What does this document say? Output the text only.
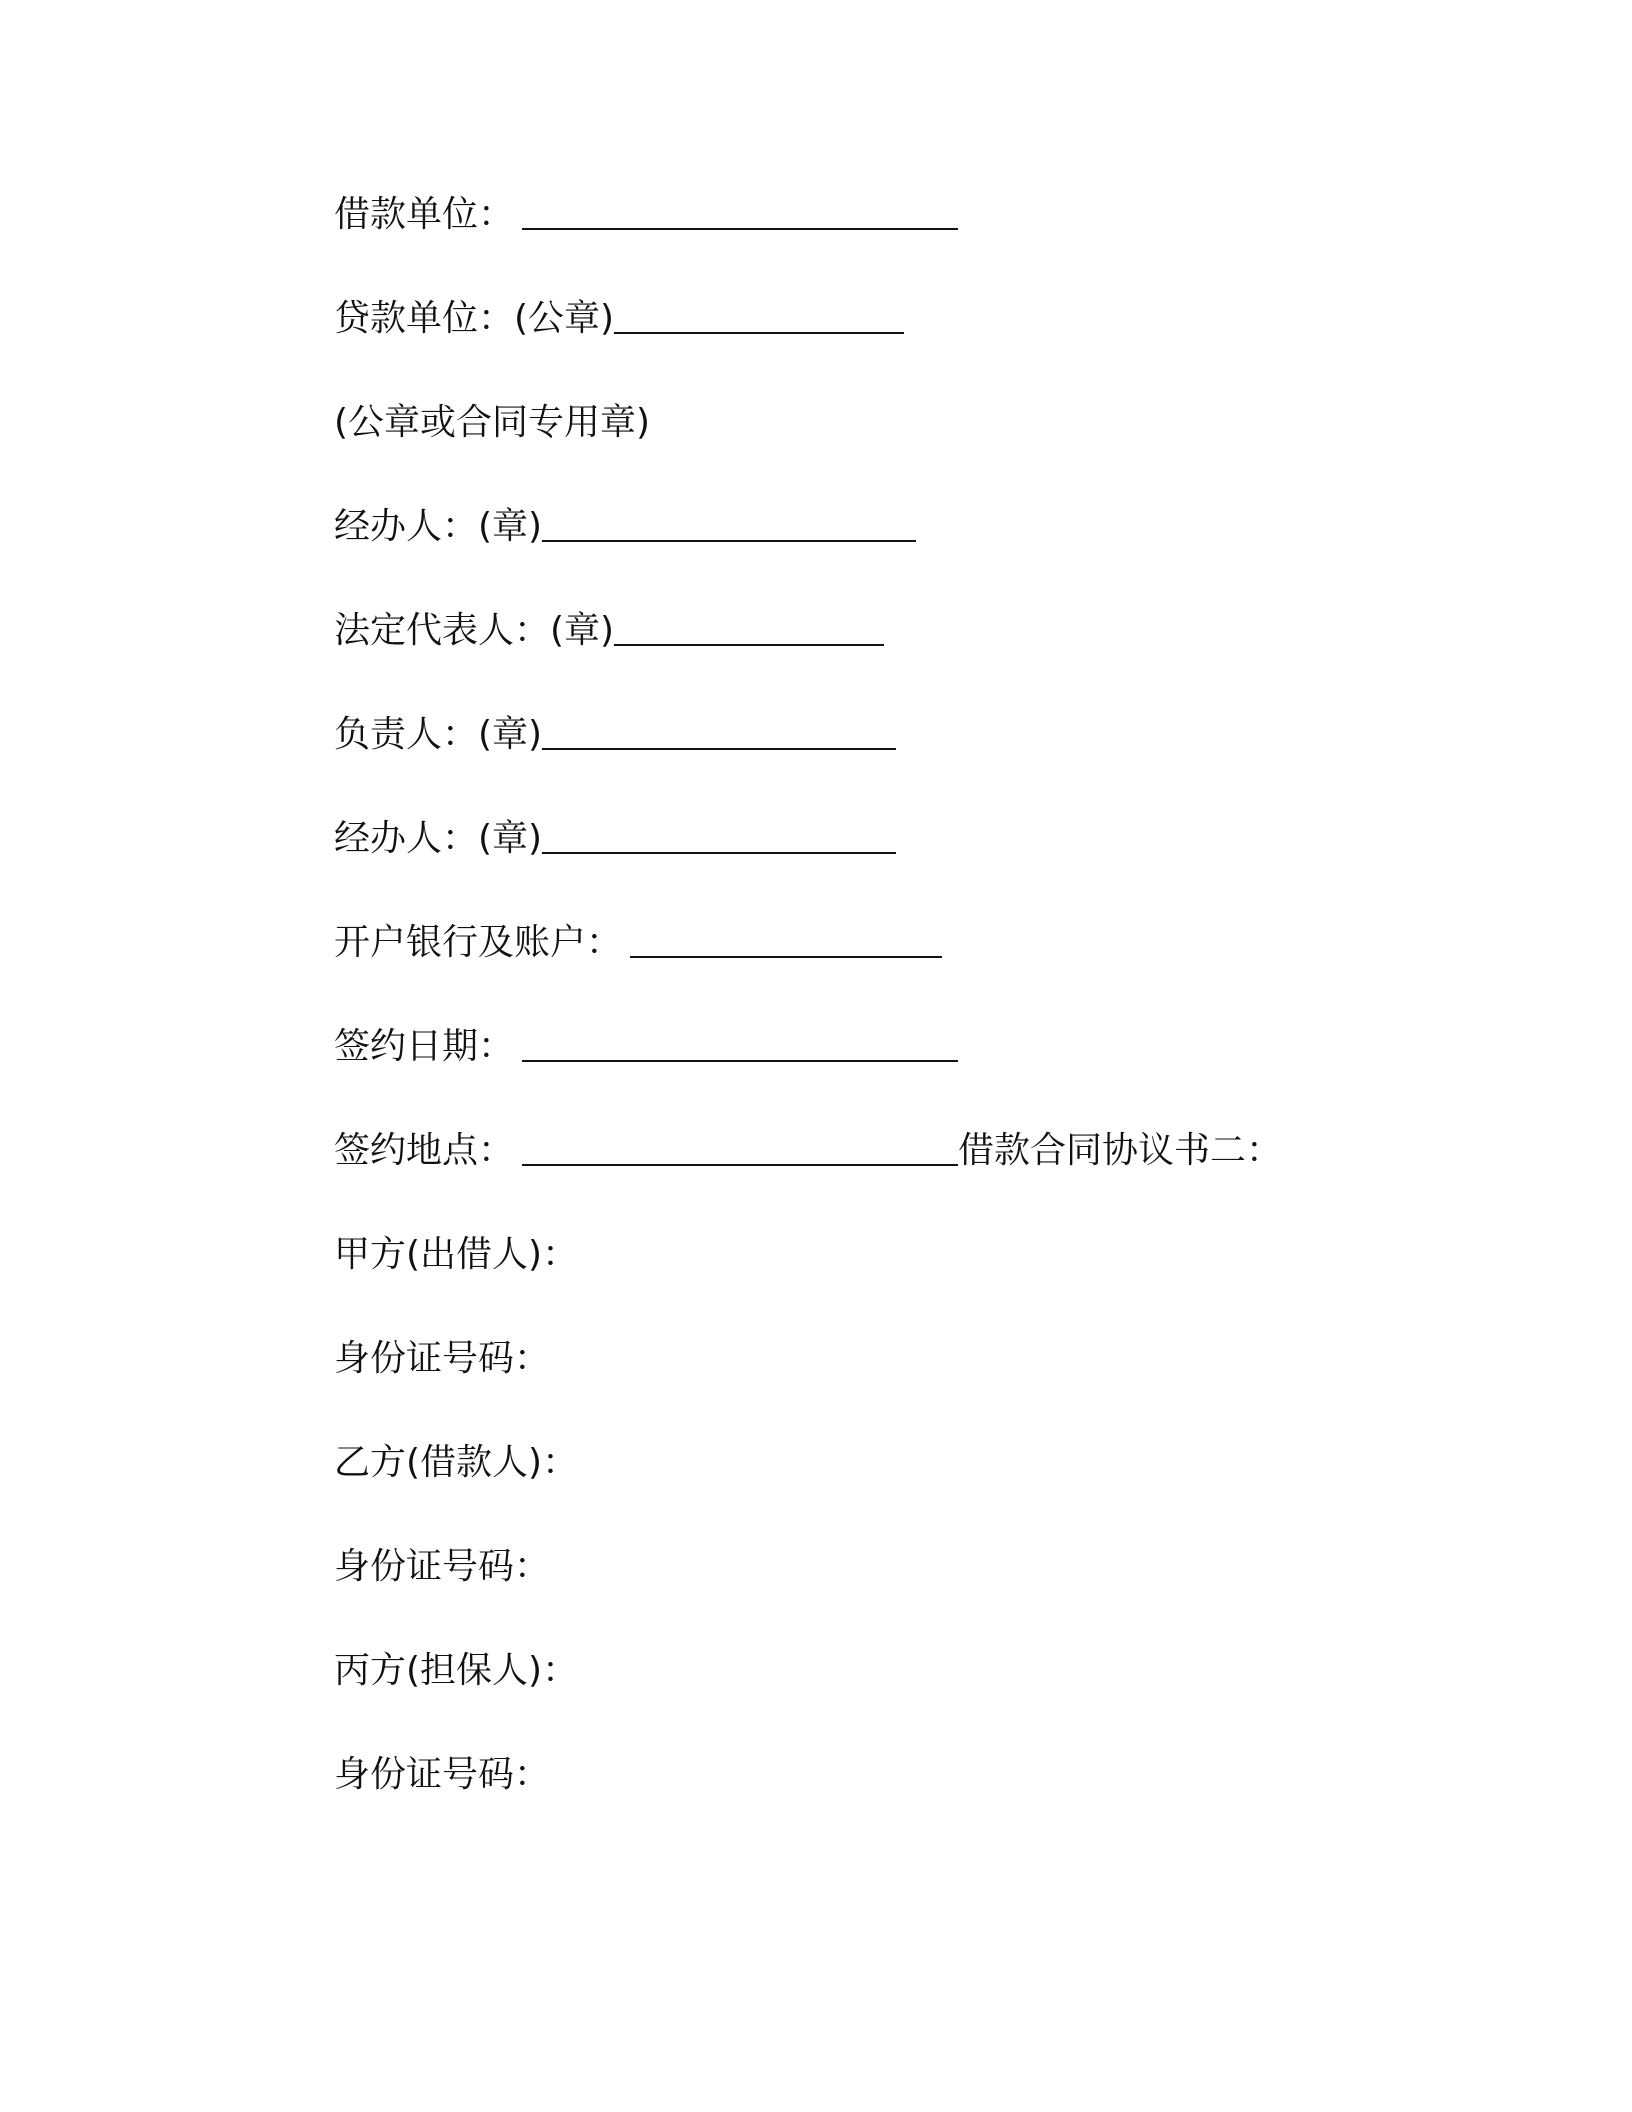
借款单位：
贷款单位：(公章)
(公章或合同专用章)
经办人：(章)
法定代表人：(章)
负责人：(章)
经办人：(章)
开户银行及账户：
签约日期：
签约地点：	借款合同协议书二：
甲方(出借人)：
身份证号码：
乙方(借款人)：
身份证号码：
丙方(担保人)：
身份证号码：
